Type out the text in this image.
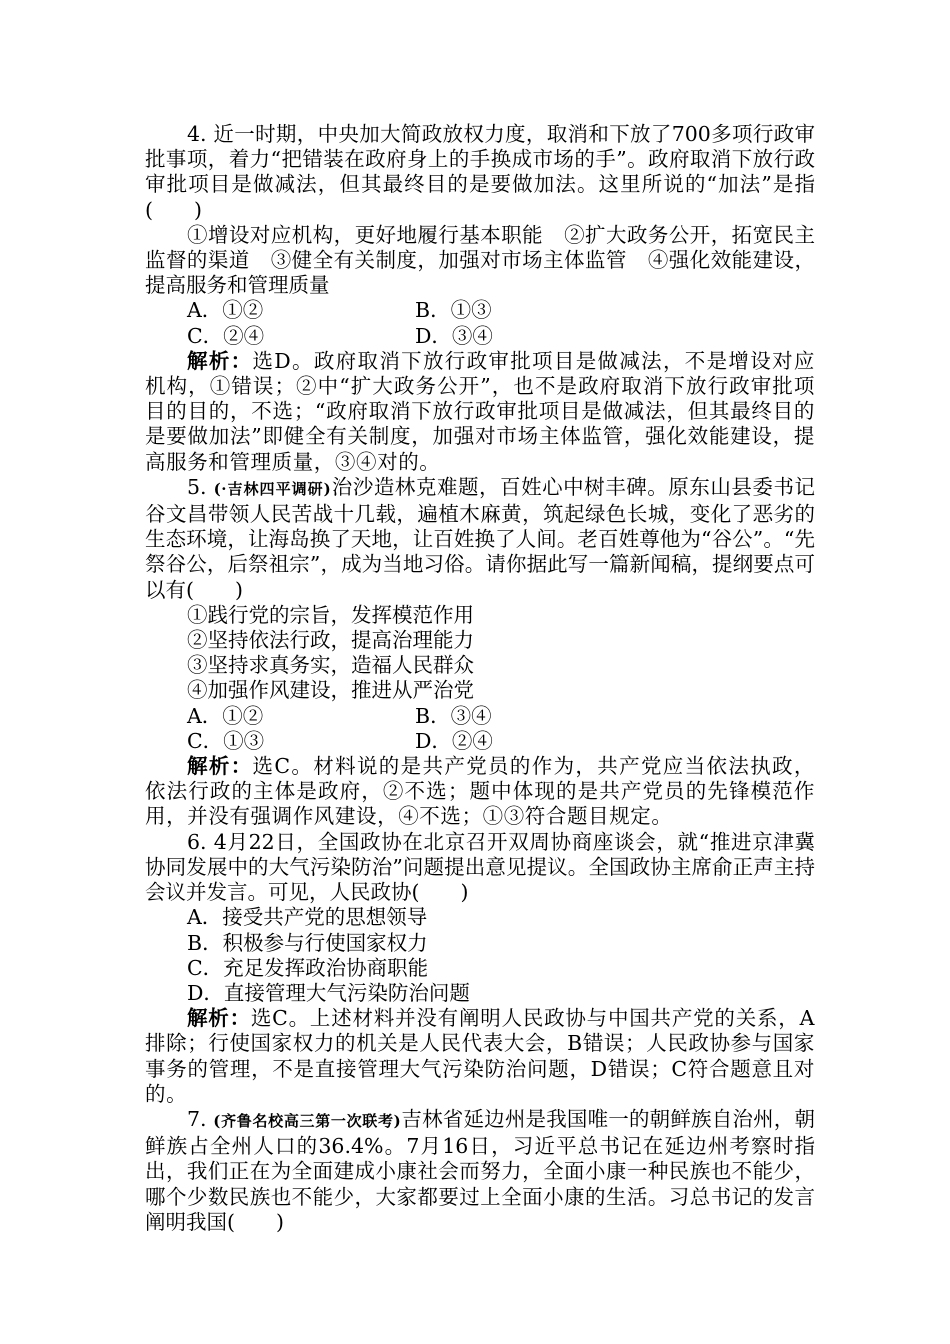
4. 近一时期，中央加大简政放权力度，取消和下放了700多项行政审批事项，着力“把错装在政府身上的手换成市场的手”。政府取消下放行政审批项目是做减法，但其最终目的是要做加法。这里所说的“加法”是指(　　)

①增设对应机构，更好地履行基本职能　②扩大政务公开，拓宽民主监督的渠道　③健全有关制度，加强对市场主体监管　④强化效能建设，提高服务和管理质量

A．①②	B．①③
C．②④	D．③④

解析：选D。政府取消下放行政审批项目是做减法，不是增设对应机构，①错误；②中“扩大政务公开”，也不是政府取消下放行政审批项目的目的，不选；“政府取消下放行政审批项目是做减法，但其最终目的是要做加法”即健全有关制度，加强对市场主体监管，强化效能建设，提高服务和管理质量，③④对的。

5. (·吉林四平调研)治沙造林克难题，百姓心中树丰碑。原东山县委书记谷文昌带领人民苦战十几载，遍植木麻黄，筑起绿色长城，变化了恶劣的生态环境，让海岛换了天地，让百姓换了人间。老百姓尊他为“谷公”。“先祭谷公，后祭祖宗”，成为当地习俗。请你据此写一篇新闻稿，提纲要点可以有(　　)

①践行党的宗旨，发挥模范作用

②坚持依法行政，提高治理能力

③坚持求真务实，造福人民群众

④加强作风建设，推进从严治党

A．①②	B．③④
C．①③	D．②④

解析：选C。材料说的是共产党员的作为，共产党应当依法执政，依法行政的主体是政府，②不选；题中体现的是共产党员的先锋模范作用，并没有强调作风建设，④不选；①③符合题目规定。

6. 4月22日，全国政协在北京召开双周协商座谈会，就“推进京津冀协同发展中的大气污染防治”问题提出意见提议。全国政协主席俞正声主持会议并发言。可见，人民政协(　　)

A．接受共产党的思想领导

B．积极参与行使国家权力

C．充足发挥政治协商职能

D．直接管理大气污染防治问题

解析：选C。上述材料并没有阐明人民政协与中国共产党的关系，A排除；行使国家权力的机关是人民代表大会，B错误；人民政协参与国家事务的管理，不是直接管理大气污染防治问题，D错误；C符合题意且对的。

7. (齐鲁名校高三第一次联考)吉林省延边州是我国唯一的朝鲜族自治州，朝鲜族占全州人口的36.4%。7月16日，习近平总书记在延边州考察时指出，我们正在为全面建成小康社会而努力，全面小康一种民族也不能少，哪个少数民族也不能少，大家都要过上全面小康的生活。习总书记的发言阐明我国(　　)
